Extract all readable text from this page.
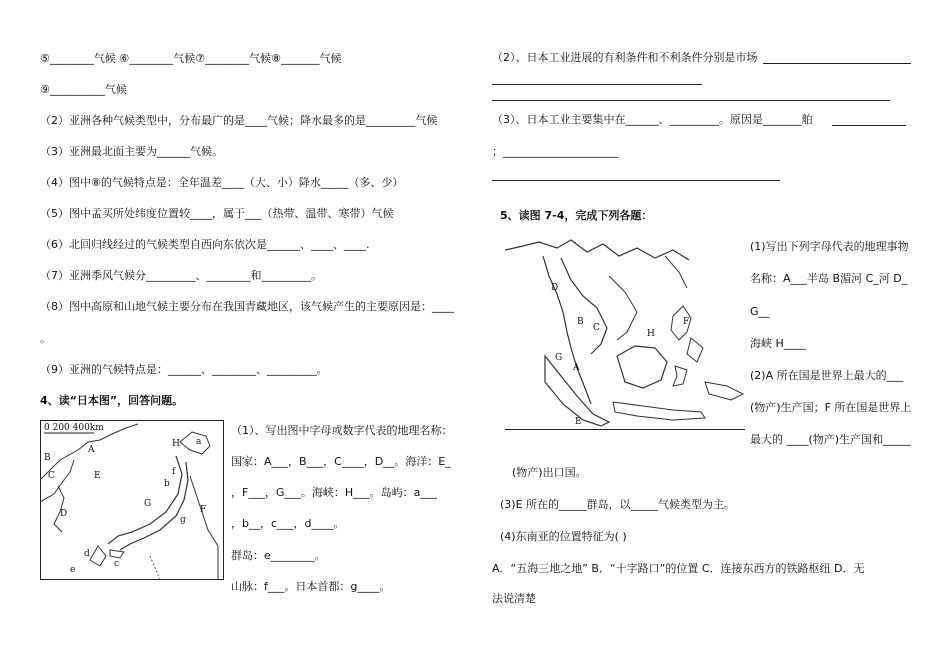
⑤________气候 ⑥________气候⑦________气候⑧_______气候
⑨__________气候
（2）亚洲各种气候类型中，分布最广的是____气候；降水最多的是_________气候
（3）亚洲最北面主要为______气候。
（4）图中⑧的气候特点是：全年温差____（大、小）降水_____（多、少）
（5）图中孟买所处纬度位置较____，属于___（热带、温带、寒带）气候
（6）北回归线经过的气候类型自西向东依次是______、____、____.
（7）亚洲季风气候分_________、________和_________。
（8）图中高原和山地气候主要分布在我国青藏地区，该气候产生的主要原因是：____
。
（9）亚洲的气候特点是：______、________、_________。
4、读“日本图”，回答问题。
0 200 400km
A
B
C
D
E
F
G
H a
b
c
d
e
f
g
（1）、写出图中字母或数字代表的地理名称：
国家：A___，B___，C____，D__。海洋：E_
，F___，G___。海峡：H___。岛屿：a___
，b__，c___，d____。
群岛：e________。
山脉：f___。日本首都：g____。
（2）、日本工业进展的有利条件和不利条件分别是市场
（3）、日本工业主要集中在______、_________。原因是_______舶
；_____________________
5、读图 7-4，完成下列各题：
D
B
C
F
H
G
A
E
(1)写出下列字母代表的地理事物
名称：A___半岛 B湄河 C_河 D_
G__
海峡 H____
(2)A 所在国是世界上最大的___
(物产)生产国；F 所在国是世界上
最大的 ____(物产)生产国和_____
(物产)出口国。
(3)E 所在的_____群岛，以_____气候类型为主。
(4)东南亚的位置特征为( )
A．“五海三地之地” B．“十字路口”的位置 C．连接东西方的铁路枢纽 D．无
法说清楚
